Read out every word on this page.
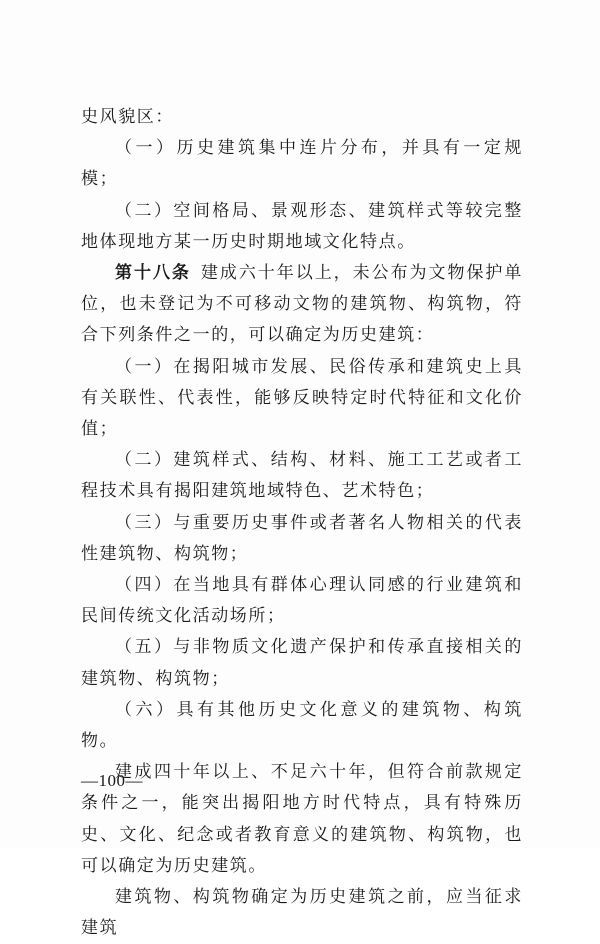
史风貌区：

（一）历史建筑集中连片分布，并具有一定规模；

（二）空间格局、景观形态、建筑样式等较完整地体现地方某一历史时期地域文化特点。

第十八条 建成六十年以上，未公布为文物保护单位，也未登记为不可移动文物的建筑物、构筑物，符合下列条件之一的，可以确定为历史建筑：

（一）在揭阳城市发展、民俗传承和建筑史上具有关联性、代表性，能够反映特定时代特征和文化价值；

（二）建筑样式、结构、材料、施工工艺或者工程技术具有揭阳建筑地域特色、艺术特色；

（三）与重要历史事件或者著名人物相关的代表性建筑物、构筑物；

（四）在当地具有群体心理认同感的行业建筑和民间传统文化活动场所；

（五）与非物质文化遗产保护和传承直接相关的建筑物、构筑物；

（六）具有其他历史文化意义的建筑物、构筑物。

建成四十年以上、不足六十年，但符合前款规定条件之一，能突出揭阳地方时代特点，具有特殊历史、文化、纪念或者教育意义的建筑物、构筑物，也可以确定为历史建筑。

建筑物、构筑物确定为历史建筑之前，应当征求建筑

—100—
